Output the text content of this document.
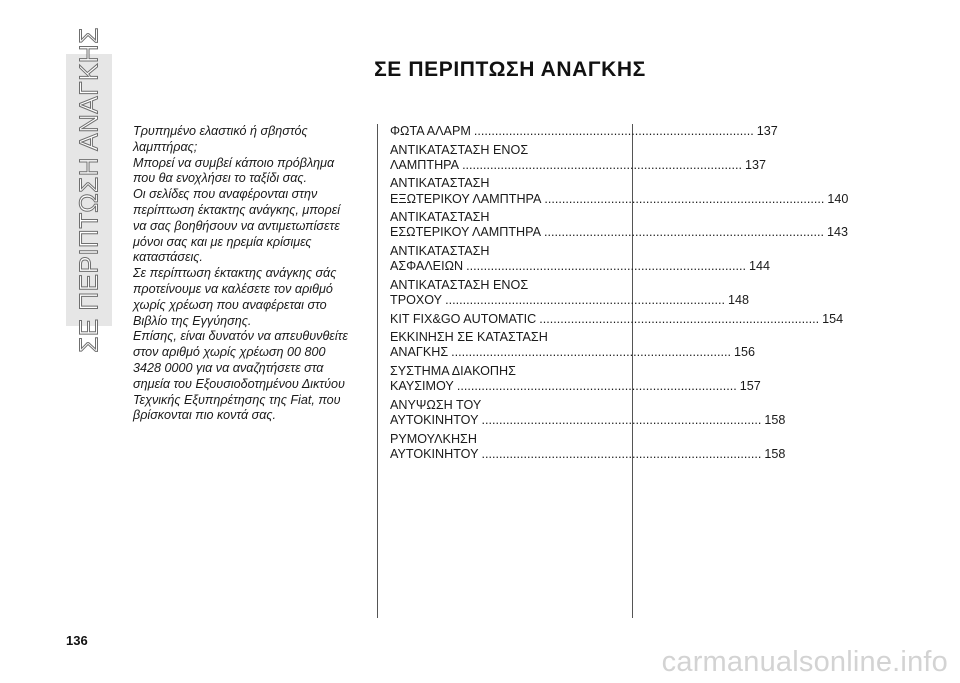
ΣΕ ΠΕΡΙΠΤΩΣΗ ΑΝΑΓΚΗΣ	ΣΕ ΠΕΡΙΠΤΩΣΗ ΑΝΑΓΚΗΣ

Τρυπημένο ελαστικό ή σβηστός
λαμπτήρας;

Μπορεί να συμβεί κάποιο πρόβλημα
που θα ενοχλήσει το ταξίδι σας.

Οι σελίδες που αναφέρονται στην
περίπτωση έκτακτης ανάγκης, μπορεί
να σας βοηθήσουν να αντιμετωπίσετε
μόνοι σας και με ηρεμία κρίσιμες
καταστάσεις.

Σε περίπτωση έκτακτης ανάγκης σάς
προτείνουμε να καλέσετε τον αριθμό
χωρίς χρέωση που αναφέρεται στο
Βιβλίο της Εγγύησης.

Επίσης, είναι δυνατόν να απευθυνθείτε
στον αριθμό χωρίς χρέωση 00 800
3428 0000 για να αναζητήσετε στα
σημεία του Εξουσιοδοτημένου Δικτύου
Τεχνικής Εξυπηρέτησης της Fiat, που
βρίσκονται πιο κοντά σας.

ΦΩΤΑ ΑΛΑΡΜ ................................................................................ 137
ΑΝΤΙΚΑΤΑΣΤΑΣΗ ΕΝΟΣ
ΛΑΜΠΤΗΡΑ ................................................................................ 137
ΑΝΤΙΚΑΤΑΣΤΑΣΗ
ΕΞΩΤΕΡΙΚΟΥ ΛΑΜΠΤΗΡΑ ................................................................................ 140
ΑΝΤΙΚΑΤΑΣΤΑΣΗ
ΕΣΩΤΕΡΙΚΟΥ ΛΑΜΠΤΗΡΑ ................................................................................ 143
ΑΝΤΙΚΑΤΑΣΤΑΣΗ
ΑΣΦΑΛΕΙΩΝ ................................................................................ 144
ΑΝΤΙΚΑΤΑΣΤΑΣΗ ΕΝΟΣ
ΤΡΟΧΟΥ ................................................................................ 148
KIT FIX&GO AUTOMATIC ................................................................................ 154
ΕΚΚΙΝΗΣΗ ΣΕ ΚΑΤΑΣΤΑΣΗ
ΑΝΑΓΚΗΣ ................................................................................ 156
ΣΥΣΤΗΜΑ ΔΙΑΚΟΠΗΣ
ΚΑΥΣΙΜΟΥ ................................................................................ 157
ΑΝΥΨΩΣΗ ΤΟΥ
ΑΥΤΟΚΙΝΗΤΟΥ ................................................................................ 158
ΡΥΜΟΥΛΚΗΣΗ
ΑΥΤΟΚΙΝΗΤΟΥ ................................................................................ 158
136
carmanualsonline.info
